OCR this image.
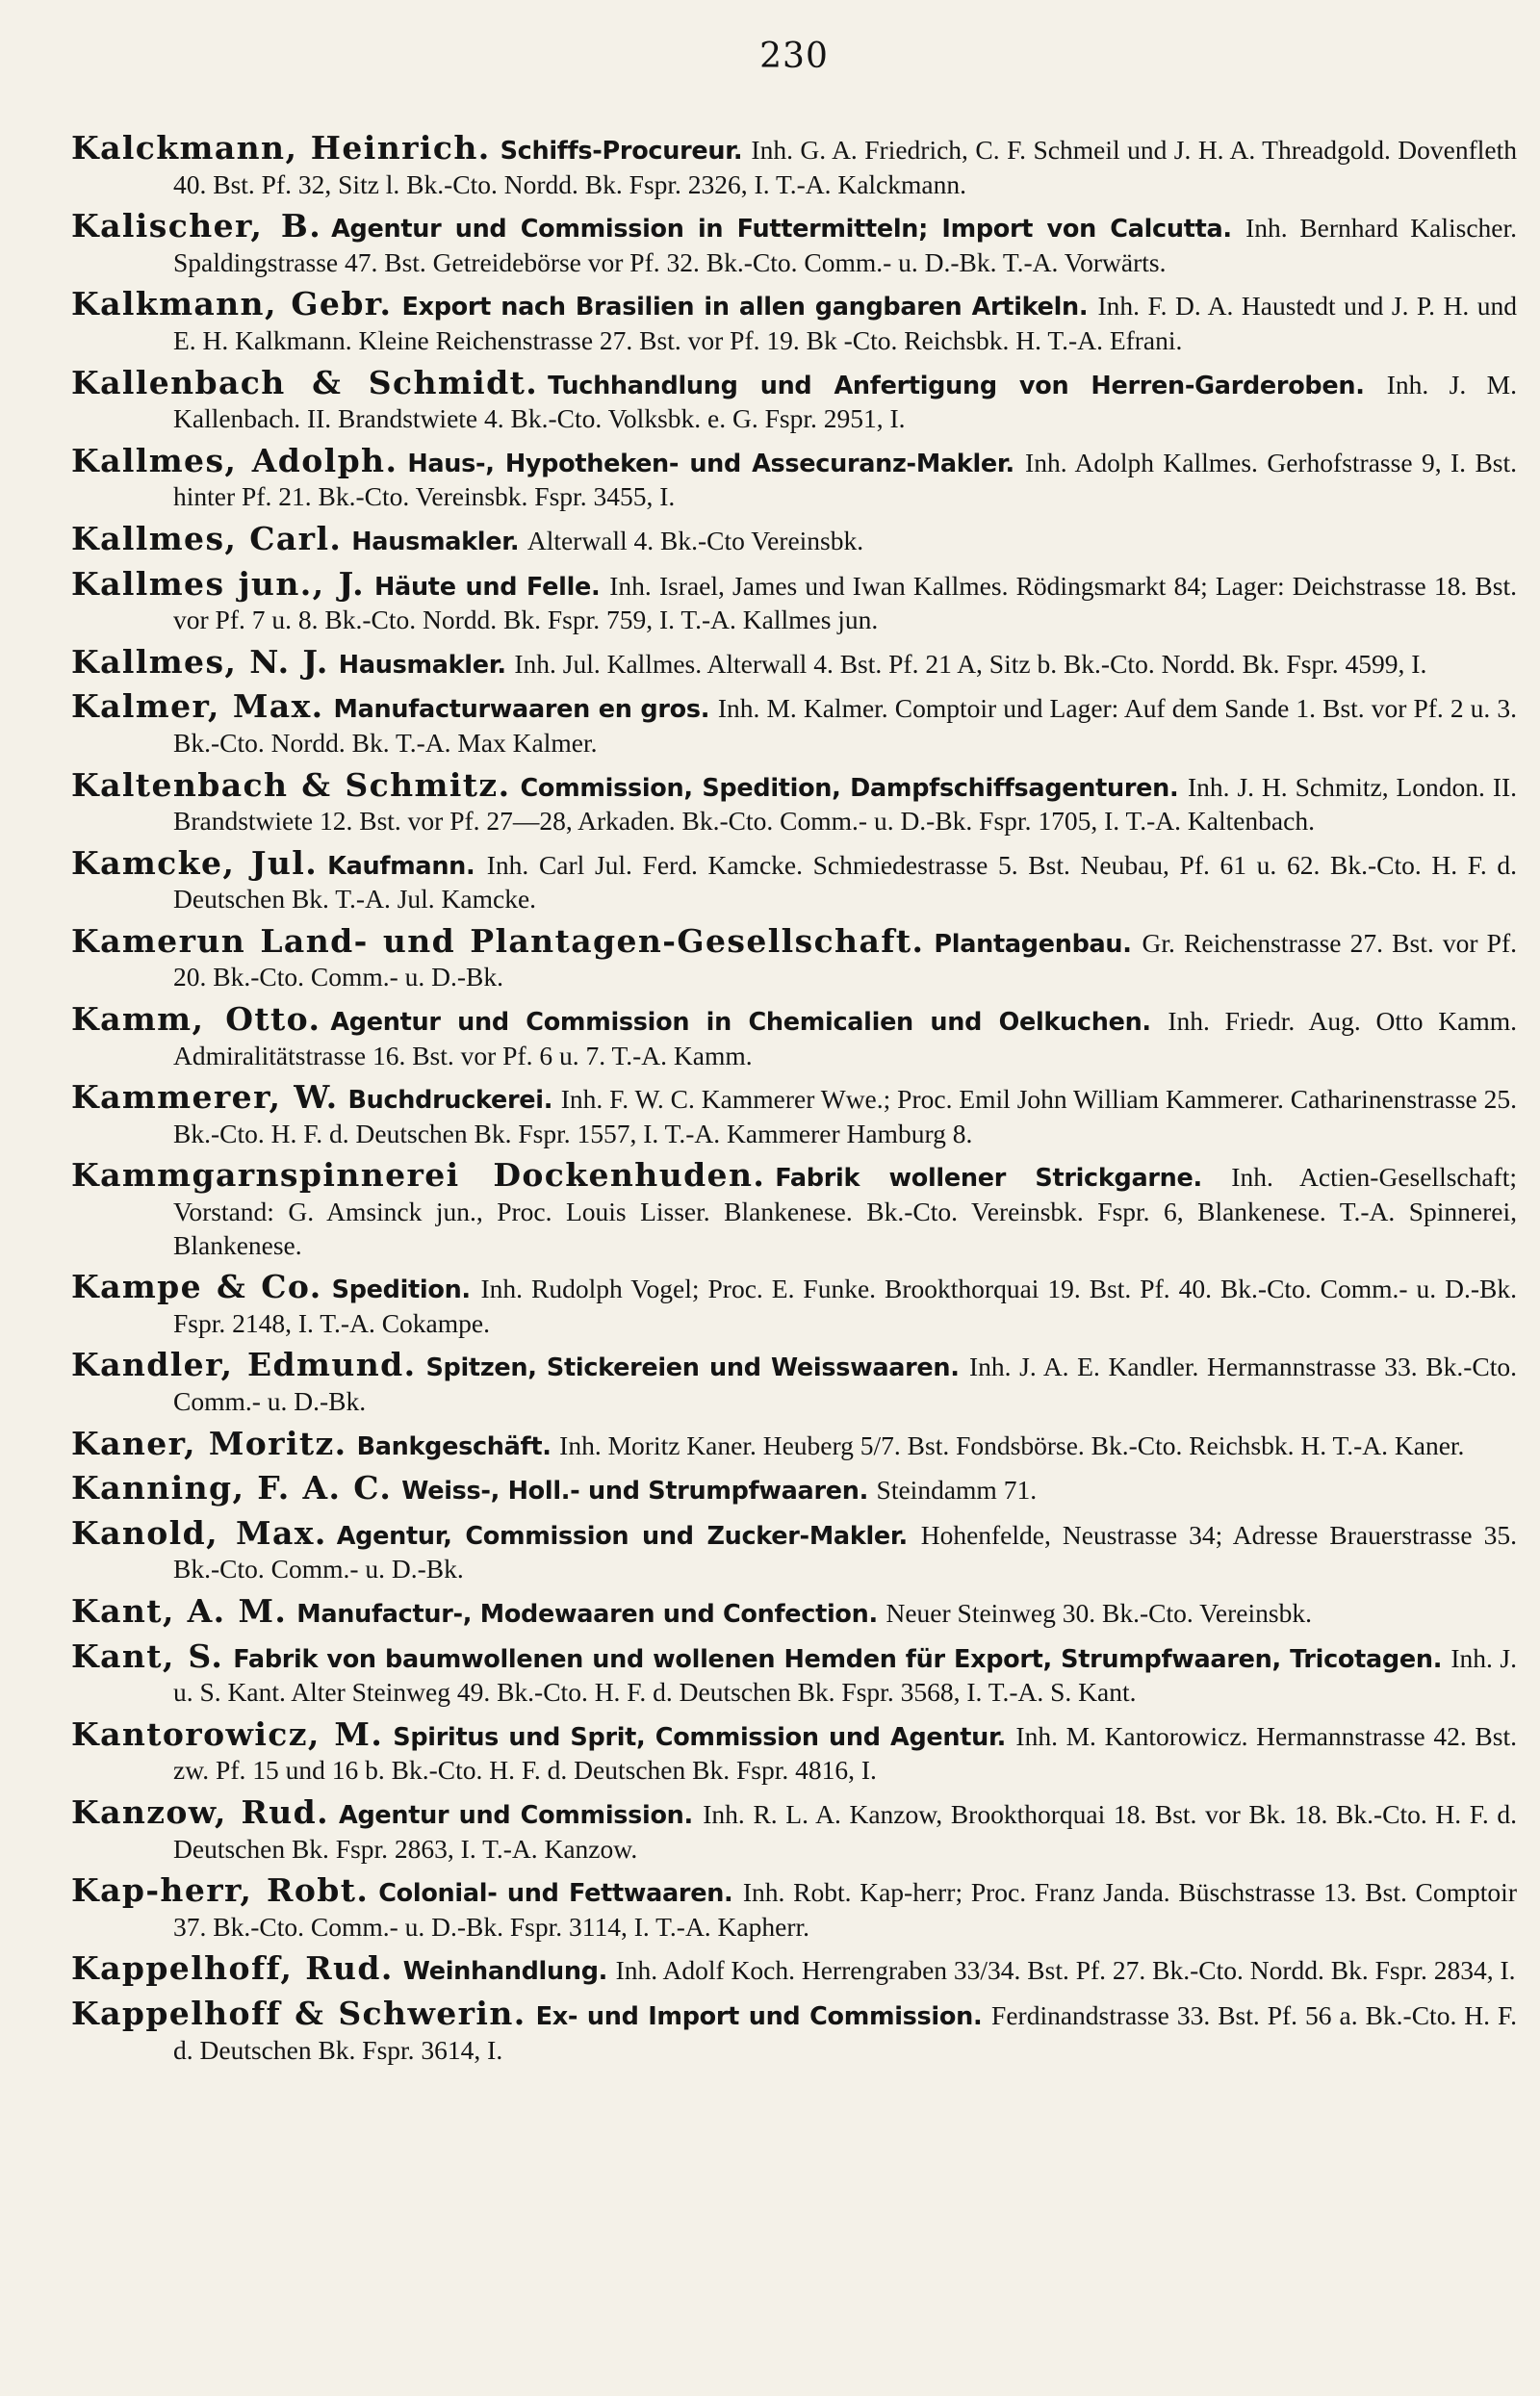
230
Kalckmann, Heinrich. Schiffs-Procureur. Inh. G. A. Friedrich, C. F. Schmeil und J. H. A. Threadgold. Dovenfleth 40. Bst. Pf. 32, Sitz l. Bk.-Cto. Nordd. Bk. Fspr. 2326, I. T.-A. Kalckmann.
Kalischer, B. Agentur und Commission in Futtermitteln; Import von Calcutta. Inh. Bernhard Kalischer. Spaldingstrasse 47. Bst. Getreidebörse vor Pf. 32. Bk.-Cto. Comm.- u. D.-Bk. T.-A. Vorwärts.
Kalkmann, Gebr. Export nach Brasilien in allen gangbaren Artikeln. Inh. F. D. A. Haustedt und J. P. H. und E. H. Kalkmann. Kleine Reichenstrasse 27. Bst. vor Pf. 19. Bk -Cto. Reichsbk. H. T.-A. Efrani.
Kallenbach & Schmidt. Tuchhandlung und Anfertigung von Herren-Garderoben. Inh. J. M. Kallenbach. II. Brandstwiete 4. Bk.-Cto. Volksbk. e. G. Fspr. 2951, I.
Kallmes, Adolph. Haus-, Hypotheken- und Assecuranz-Makler. Inh. Adolph Kallmes. Gerhofstrasse 9, I. Bst. hinter Pf. 21. Bk.-Cto. Vereinsbk. Fspr. 3455, I.
Kallmes, Carl. Hausmakler. Alterwall 4. Bk.-Cto Vereinsbk.
Kallmes jun., J. Häute und Felle. Inh. Israel, James und Iwan Kallmes. Rödingsmarkt 84; Lager: Deichstrasse 18. Bst. vor Pf. 7 u. 8. Bk.-Cto. Nordd. Bk. Fspr. 759, I. T.-A. Kallmes jun.
Kallmes, N. J. Hausmakler. Inh. Jul. Kallmes. Alterwall 4. Bst. Pf. 21 A, Sitz b. Bk.-Cto. Nordd. Bk. Fspr. 4599, I.
Kalmer, Max. Manufacturwaaren en gros. Inh. M. Kalmer. Comptoir und Lager: Auf dem Sande 1. Bst. vor Pf. 2 u. 3. Bk.-Cto. Nordd. Bk. T.-A. Max Kalmer.
Kaltenbach & Schmitz. Commission, Spedition, Dampfschiffsagenturen. Inh. J. H. Schmitz, London. II. Brandstwiete 12. Bst. vor Pf. 27—28, Arkaden. Bk.-Cto. Comm.- u. D.-Bk. Fspr. 1705, I. T.-A. Kaltenbach.
Kamcke, Jul. Kaufmann. Inh. Carl Jul. Ferd. Kamcke. Schmiedestrasse 5. Bst. Neubau, Pf. 61 u. 62. Bk.-Cto. H. F. d. Deutschen Bk. T.-A. Jul. Kamcke.
Kamerun Land- und Plantagen-Gesellschaft. Plantagenbau. Gr. Reichenstrasse 27. Bst. vor Pf. 20. Bk.-Cto. Comm.- u. D.-Bk.
Kamm, Otto. Agentur und Commission in Chemicalien und Oelkuchen. Inh. Friedr. Aug. Otto Kamm. Admiralitätstrasse 16. Bst. vor Pf. 6 u. 7. T.-A. Kamm.
Kammerer, W. Buchdruckerei. Inh. F. W. C. Kammerer Wwe.; Proc. Emil John William Kammerer. Catharinenstrasse 25. Bk.-Cto. H. F. d. Deutschen Bk. Fspr. 1557, I. T.-A. Kammerer Hamburg 8.
Kammgarnspinnerei Dockenhuden. Fabrik wollener Strickgarne. Inh. Actien-Gesellschaft; Vorstand: G. Amsinck jun., Proc. Louis Lisser. Blankenese. Bk.-Cto. Vereinsbk. Fspr. 6, Blankenese. T.-A. Spinnerei, Blankenese.
Kampe & Co. Spedition. Inh. Rudolph Vogel; Proc. E. Funke. Brookthorquai 19. Bst. Pf. 40. Bk.-Cto. Comm.- u. D.-Bk. Fspr. 2148, I. T.-A. Cokampe.
Kandler, Edmund. Spitzen, Stickereien und Weisswaaren. Inh. J. A. E. Kandler. Hermannstrasse 33. Bk.-Cto. Comm.- u. D.-Bk.
Kaner, Moritz. Bankgeschäft. Inh. Moritz Kaner. Heuberg 5/7. Bst. Fondsbörse. Bk.-Cto. Reichsbk. H. T.-A. Kaner.
Kanning, F. A. C. Weiss-, Holl.- und Strumpfwaaren. Steindamm 71.
Kanold, Max. Agentur, Commission und Zucker-Makler. Hohenfelde, Neustrasse 34; Adresse Brauerstrasse 35. Bk.-Cto. Comm.- u. D.-Bk.
Kant, A. M. Manufactur-, Modewaaren und Confection. Neuer Steinweg 30. Bk.-Cto. Vereinsbk.
Kant, S. Fabrik von baumwollenen und wollenen Hemden für Export, Strumpfwaaren, Tricotagen. Inh. J. u. S. Kant. Alter Steinweg 49. Bk.-Cto. H. F. d. Deutschen Bk. Fspr. 3568, I. T.-A. S. Kant.
Kantorowicz, M. Spiritus und Sprit, Commission und Agentur. Inh. M. Kantorowicz. Hermannstrasse 42. Bst. zw. Pf. 15 und 16 b. Bk.-Cto. H. F. d. Deutschen Bk. Fspr. 4816, I.
Kanzow, Rud. Agentur und Commission. Inh. R. L. A. Kanzow, Brookthorquai 18. Bst. vor Bk. 18. Bk.-Cto. H. F. d. Deutschen Bk. Fspr. 2863, I. T.-A. Kanzow.
Kap-herr, Robt. Colonial- und Fettwaaren. Inh. Robt. Kap-herr; Proc. Franz Janda. Büschstrasse 13. Bst. Comptoir 37. Bk.-Cto. Comm.- u. D.-Bk. Fspr. 3114, I. T.-A. Kapherr.
Kappelhoff, Rud. Weinhandlung. Inh. Adolf Koch. Herrengraben 33/34. Bst. Pf. 27. Bk.-Cto. Nordd. Bk. Fspr. 2834, I.
Kappelhoff & Schwerin. Ex- und Import und Commission. Ferdinandstrasse 33. Bst. Pf. 56 a. Bk.-Cto. H. F. d. Deutschen Bk. Fspr. 3614, I.
